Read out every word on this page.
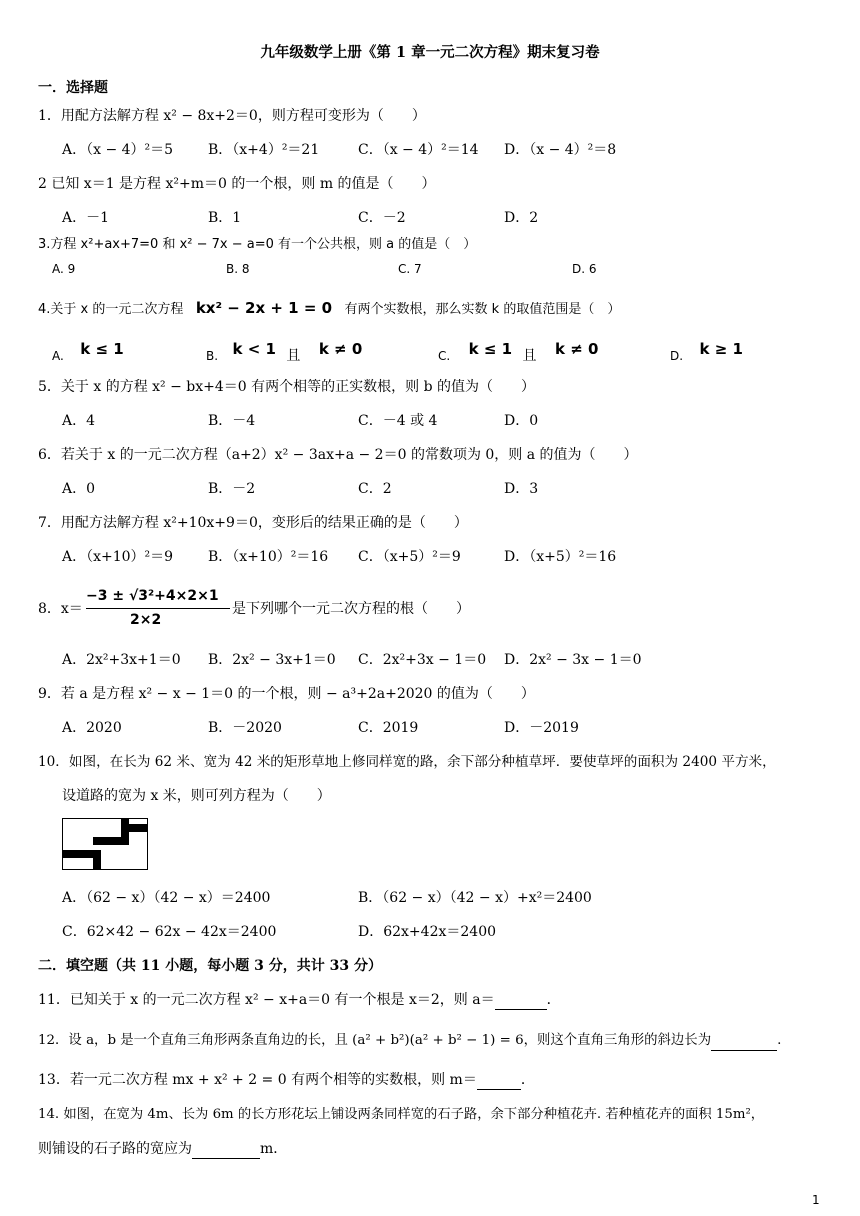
九年级数学上册《第 1 章一元二次方程》期末复习卷
一．选择题
1．用配方法解方程 x² − 8x+2＝0，则方程可变形为（　　）
A．（x − 4）²＝5 B．（x+4）²＝21	C．（x − 4）²＝14 D．（x − 4）²＝8
2 已知 x＝1 是方程 x²+m＝0 的一个根，则 m 的值是（　　）
A．－1	B．1	C．－2	D．2
3.方程 x²+ax+7=0 和 x² − 7x − a=0 有一个公共根，则 a 的值是（　）
A. 9	B. 8	C. 7	D. 6
4.关于 x 的一元二次方程 kx² − 2x + 1 = 0 有两个实数根，那么实数 k 的取值范围是（　）
A. k ≤ 1	B. k < 1 且 k ≠ 0	C. k ≤ 1 且 k ≠ 0	D. k ≥ 1
5．关于 x 的方程 x² − bx+4＝0 有两个相等的正实数根，则 b 的值为（　　）
A．4	B．－4	C．－4 或 4	D．0
6．若关于 x 的一元二次方程（a+2）x² − 3ax+a − 2＝0 的常数项为 0，则 a 的值为（　　）
A．0	B．－2	C．2	D．3
7．用配方法解方程 x²+10x+9＝0，变形后的结果正确的是（　　）
A．（x+10）²＝9 B．（x+10）²＝16 C．（x+5）²＝9	D．（x+5）²＝16
8．x＝
−3 ± √3²+4×2×1
2×2
是下列哪个一元二次方程的根（　　）
A．2x²+3x+1＝0 B．2x² − 3x+1＝0 C．2x²+3x − 1＝0 D．2x² − 3x − 1＝0
9．若 a 是方程 x² − x − 1＝0 的一个根，则 − a³+2a+2020 的值为（　　）
A．2020	B．－2020	C．2019	D．－2019
10．如图，在长为 62 米、宽为 42 米的矩形草地上修同样宽的路，余下部分种植草坪．要使草坪的面积为 2400 平方米，
设道路的宽为 x 米，则可列方程为（　　）
A．（62 − x）（42 − x）＝2400	B．（62 − x）（42 − x）+x²＝2400
C．62×42 − 62x − 42x＝2400	D．62x+42x＝2400
二．填空题（共 11 小题，每小题 3 分，共计 33 分）
11．已知关于 x 的一元二次方程 x² − x+a＝0 有一个根是 x＝2，则 a＝	．
12．设 a，b 是一个直角三角形两条直角边的长，且 (a² + b²)(a² + b² − 1) = 6，则这个直角三角形的斜边长为	.
13．若一元二次方程 mx + x² + 2 = 0 有两个相等的实数根，则 m＝	．
14. 如图，在宽为 4m、长为 6m 的长方形花坛上铺设两条同样宽的石子路，余下部分种植花卉. 若种植花卉的面积 15m²，
则铺设的石子路的宽应为	m．
1
